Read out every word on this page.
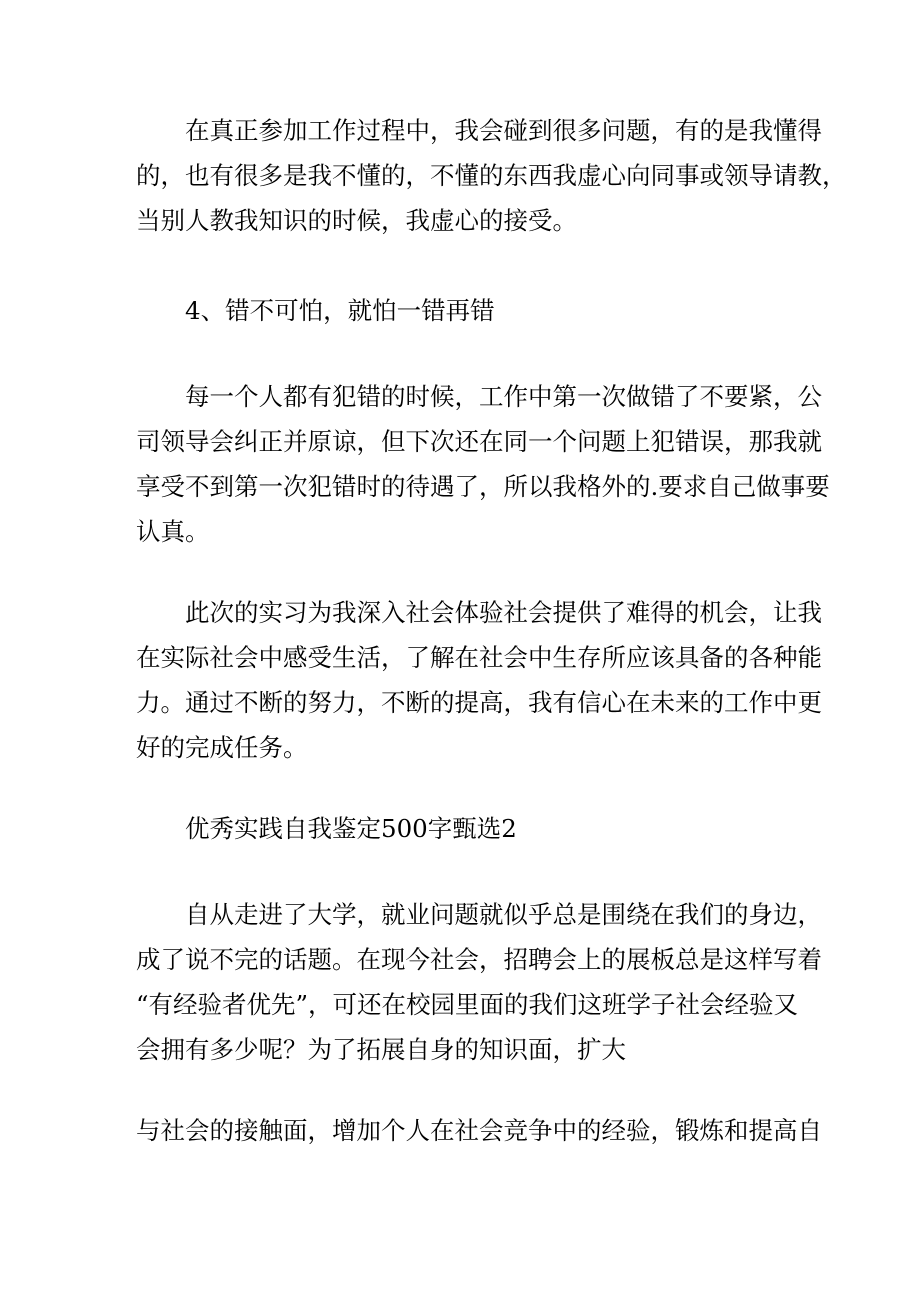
在真正参加工作过程中，我会碰到很多问题，有的是我懂得
的，也有很多是我不懂的，不懂的东西我虚心向同事或领导请教，
当别人教我知识的时候，我虚心的接受。
4、错不可怕，就怕一错再错
每一个人都有犯错的时候，工作中第一次做错了不要紧，公
司领导会纠正并原谅，但下次还在同一个问题上犯错误，那我就
享受不到第一次犯错时的待遇了，所以我格外的.要求自己做事要
认真。
此次的实习为我深入社会体验社会提供了难得的机会，让我
在实际社会中感受生活，了解在社会中生存所应该具备的各种能
力。通过不断的努力，不断的提高，我有信心在未来的工作中更
好的完成任务。
优秀实践自我鉴定500字甄选2
自从走进了大学，就业问题就似乎总是围绕在我们的身边，
成了说不完的话题。在现今社会，招聘会上的展板总是这样写着
“有经验者优先”，可还在校园里面的我们这班学子社会经验又
会拥有多少呢？为了拓展自身的知识面，扩大
与社会的接触面，增加个人在社会竞争中的经验，锻炼和提高自
